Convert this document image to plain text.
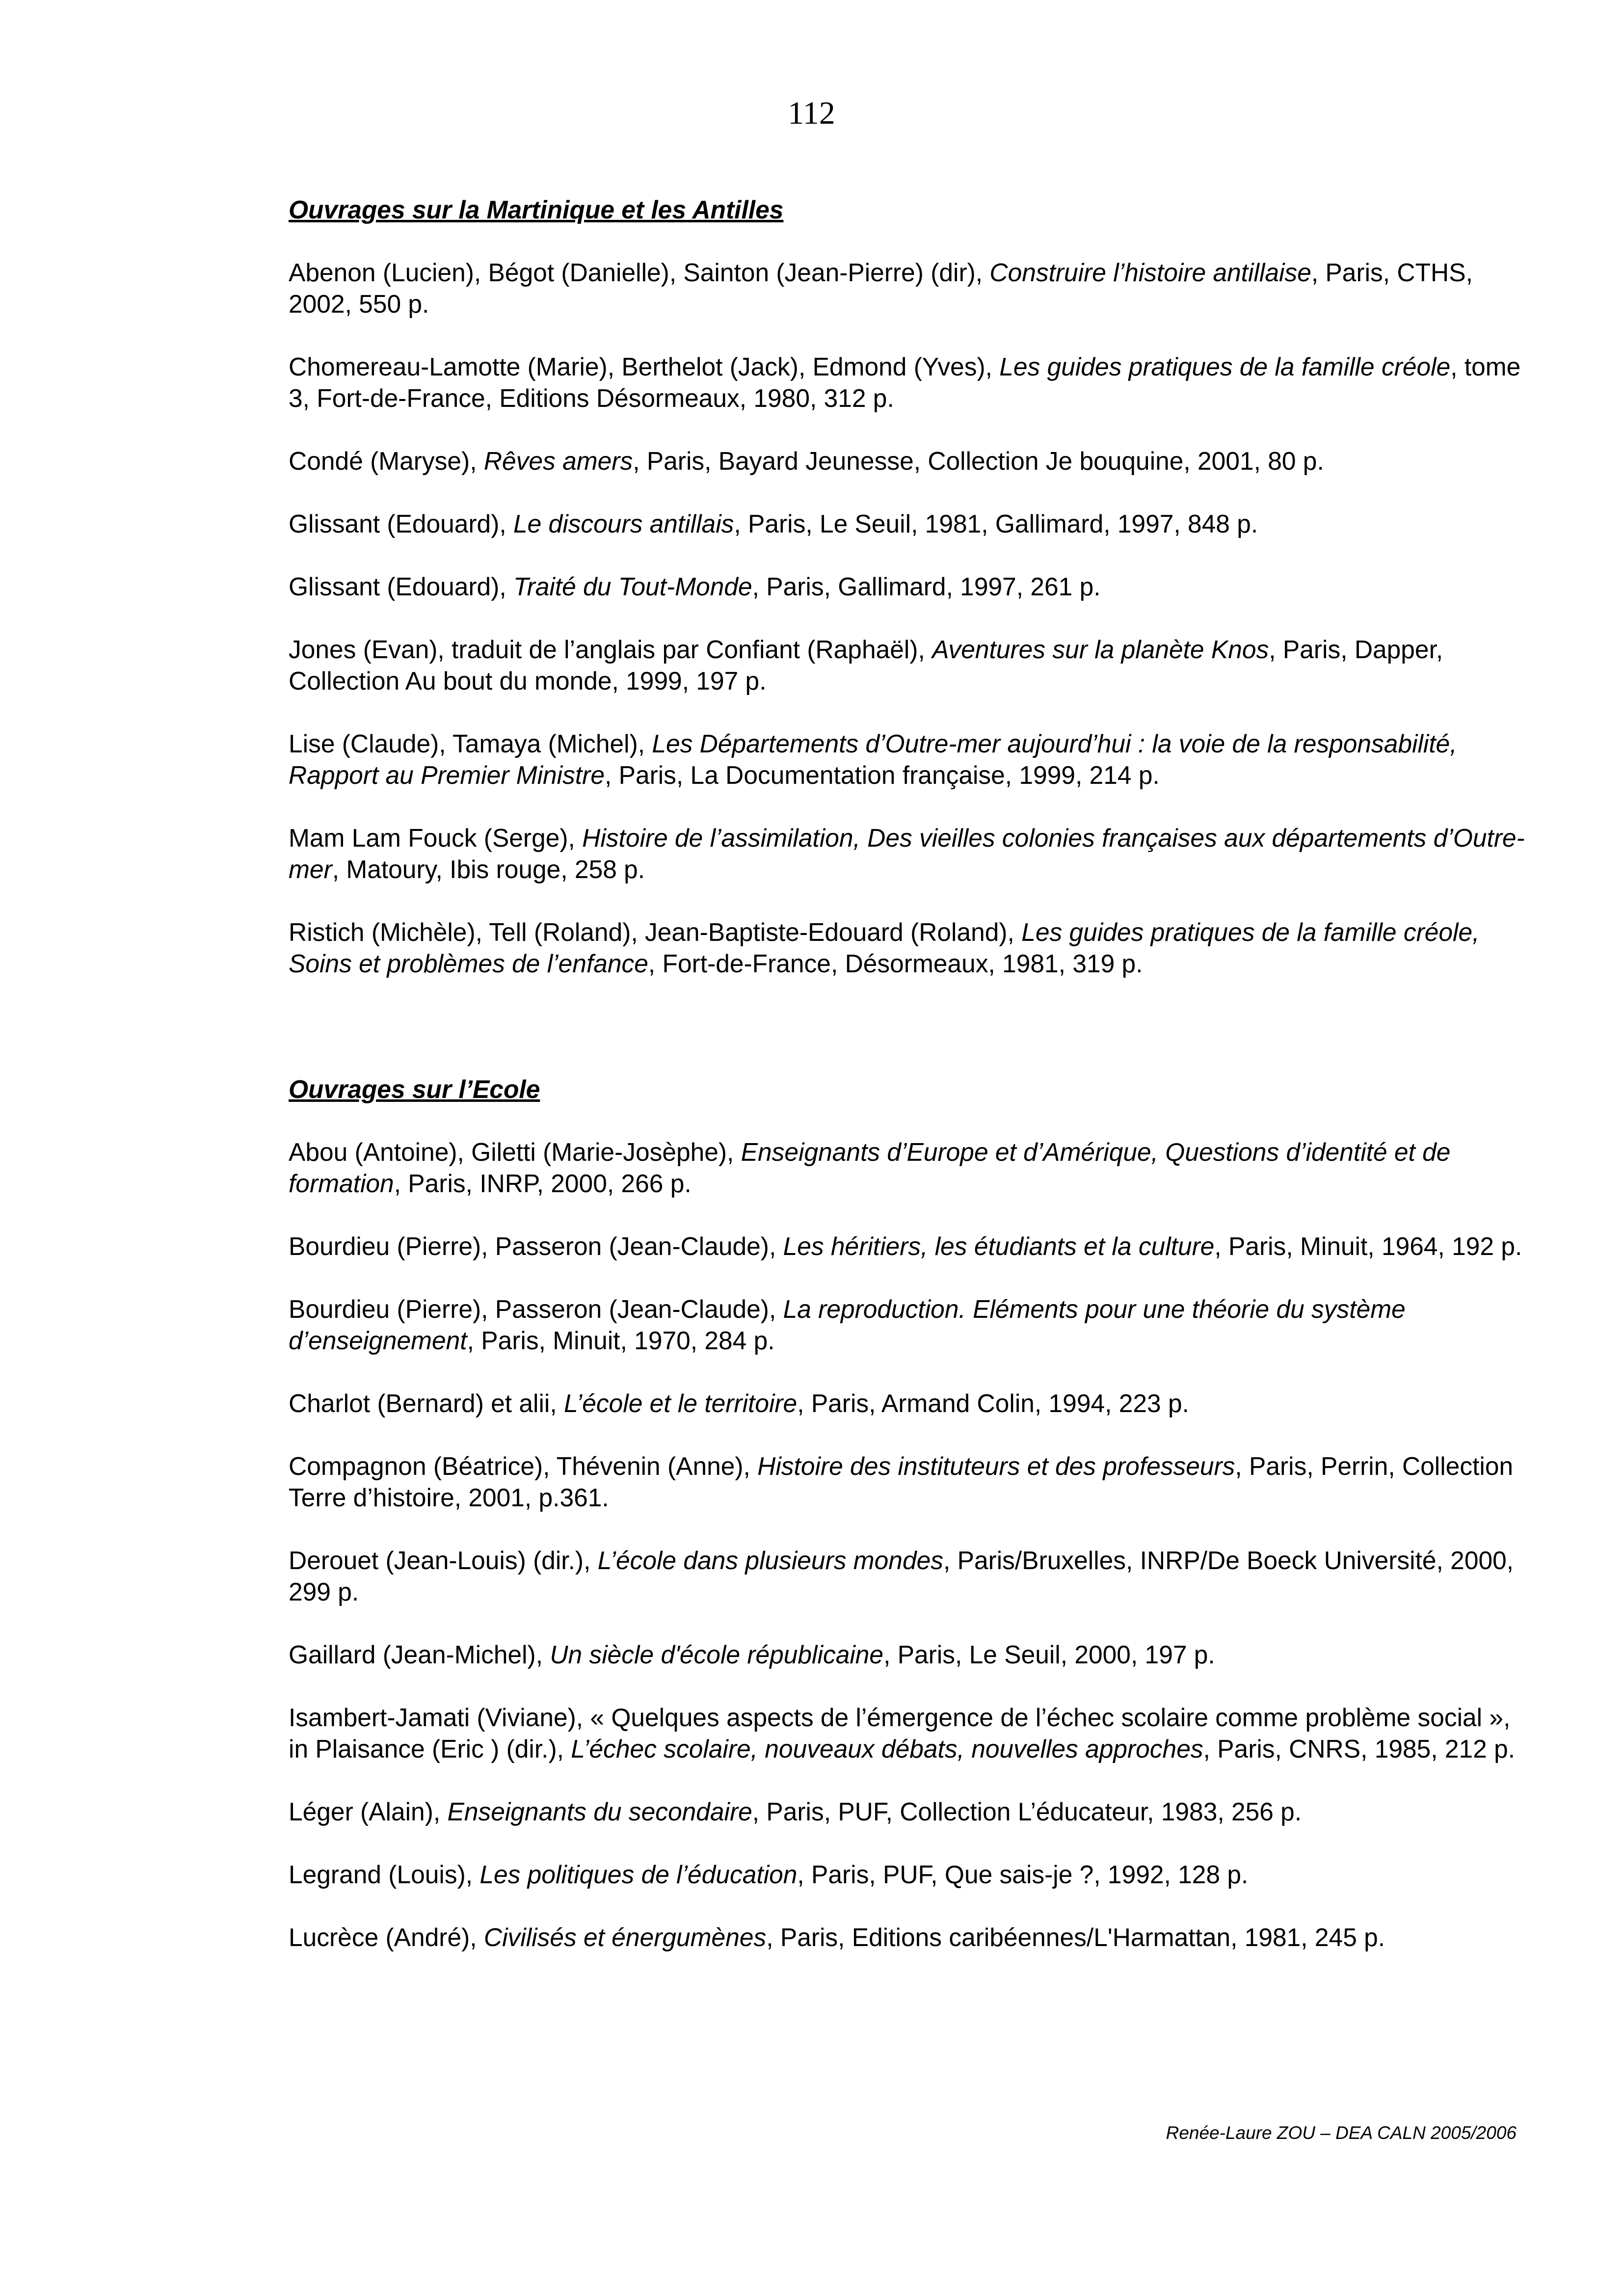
112
Ouvrages sur la Martinique et les Antilles
Abenon (Lucien), Bégot (Danielle), Sainton (Jean-Pierre) (dir), Construire l’histoire antillaise, Paris, CTHS, 2002, 550 p.
Chomereau-Lamotte (Marie), Berthelot (Jack), Edmond (Yves), Les guides pratiques de la famille créole, tome 3, Fort-de-France, Editions Désormeaux, 1980, 312 p.
Condé (Maryse), Rêves amers, Paris, Bayard Jeunesse, Collection Je bouquine, 2001, 80 p.
Glissant (Edouard), Le discours antillais, Paris, Le Seuil, 1981, Gallimard, 1997, 848 p.
Glissant (Edouard), Traité du Tout-Monde, Paris, Gallimard, 1997, 261 p.
Jones (Evan), traduit de l’anglais par Confiant (Raphaël), Aventures sur la planète Knos, Paris, Dapper, Collection Au bout du monde, 1999, 197 p.
Lise (Claude), Tamaya (Michel), Les Départements d’Outre-mer aujourd’hui : la voie de la responsabilité, Rapport au Premier Ministre, Paris, La Documentation française, 1999, 214 p.
Mam Lam Fouck (Serge), Histoire de l’assimilation, Des vieilles colonies françaises aux départements d’Outre-mer, Matoury, Ibis rouge, 258 p.
Ristich (Michèle), Tell (Roland), Jean-Baptiste-Edouard (Roland), Les guides pratiques de la famille créole, Soins et problèmes de l’enfance, Fort-de-France, Désormeaux, 1981, 319 p.
Ouvrages sur l’Ecole
Abou (Antoine), Giletti (Marie-Josèphe), Enseignants d’Europe et d’Amérique, Questions d’identité et de formation, Paris, INRP, 2000, 266 p.
Bourdieu (Pierre), Passeron (Jean-Claude), Les héritiers, les étudiants et la culture, Paris, Minuit, 1964, 192 p.
Bourdieu (Pierre), Passeron (Jean-Claude), La reproduction. Eléments pour une théorie du système d’enseignement, Paris, Minuit, 1970, 284 p.
Charlot (Bernard) et alii, L’école et le territoire, Paris, Armand Colin, 1994, 223 p.
Compagnon (Béatrice), Thévenin (Anne), Histoire des instituteurs et des professeurs, Paris, Perrin, Collection Terre d’histoire, 2001, p.361.
Derouet (Jean-Louis) (dir.), L’école dans plusieurs mondes, Paris/Bruxelles, INRP/De Boeck Université, 2000, 299 p.
Gaillard (Jean-Michel), Un siècle d'école républicaine, Paris, Le Seuil, 2000, 197 p.
Isambert-Jamati (Viviane), « Quelques aspects de l’émergence de l’échec scolaire comme problème social », in Plaisance (Eric ) (dir.), L’échec scolaire, nouveaux débats, nouvelles approches, Paris, CNRS, 1985, 212 p.
Léger (Alain), Enseignants du secondaire, Paris, PUF, Collection L’éducateur, 1983, 256 p.
Legrand (Louis), Les politiques de l’éducation, Paris, PUF, Que sais-je ?, 1992, 128 p.
Lucrèce (André), Civilisés et énergumènes, Paris, Editions caribéennes/L'Harmattan, 1981, 245 p.
Renée-Laure ZOU – DEA CALN 2005/2006
